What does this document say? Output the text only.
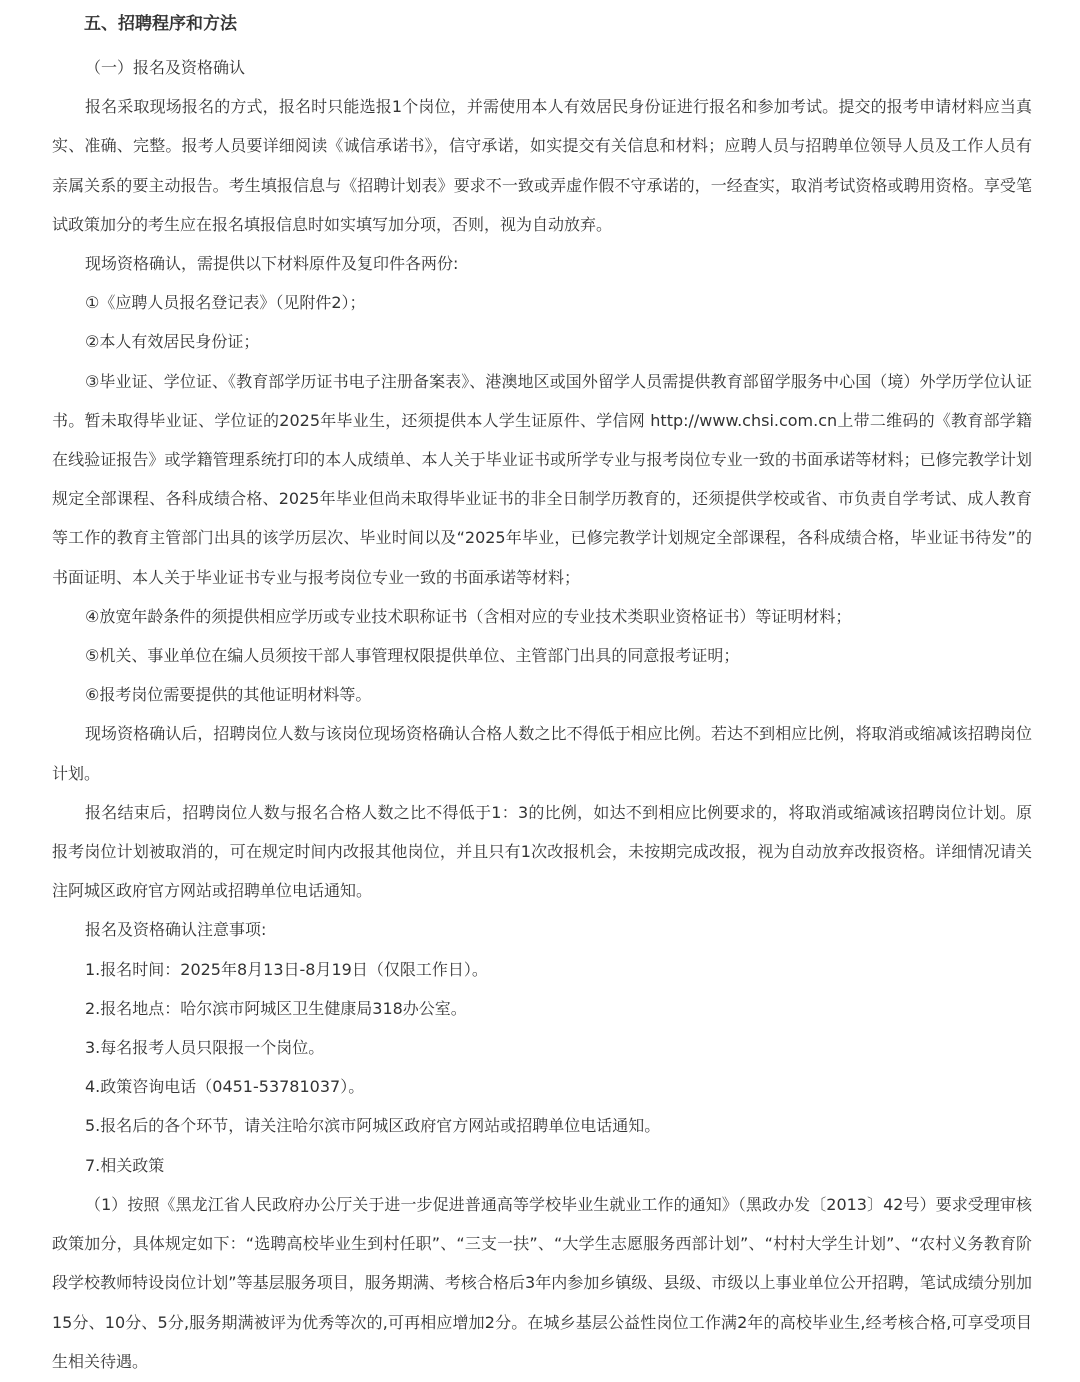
五、招聘程序和方法

（一）报名及资格确认

报名采取现场报名的方式，报名时只能选报1个岗位，并需使用本人有效居民身份证进行报名和参加考试。提交的报考申请材料应当真实、准确、完整。报考人员要详细阅读《诚信承诺书》，信守承诺，如实提交有关信息和材料；应聘人员与招聘单位领导人员及工作人员有亲属关系的要主动报告。考生填报信息与《招聘计划表》要求不一致或弄虚作假不守承诺的，一经查实，取消考试资格或聘用资格。享受笔试政策加分的考生应在报名填报信息时如实填写加分项，否则，视为自动放弃。

现场资格确认，需提供以下材料原件及复印件各两份:

①《应聘人员报名登记表》（见附件2）；

②本人有效居民身份证；

③毕业证、学位证、《教育部学历证书电子注册备案表》、港澳地区或国外留学人员需提供教育部留学服务中心国（境）外学历学位认证书。暂未取得毕业证、学位证的2025年毕业生，还须提供本人学生证原件、学信网 http://www.chsi.com.cn上带二维码的《教育部学籍在线验证报告》或学籍管理系统打印的本人成绩单、本人关于毕业证书或所学专业与报考岗位专业一致的书面承诺等材料；已修完教学计划规定全部课程、各科成绩合格、2025年毕业但尚未取得毕业证书的非全日制学历教育的，还须提供学校或省、市负责自学考试、成人教育等工作的教育主管部门出具的该学历层次、毕业时间以及“2025年毕业，已修完教学计划规定全部课程，各科成绩合格，毕业证书待发”的书面证明、本人关于毕业证书专业与报考岗位专业一致的书面承诺等材料；

④放宽年龄条件的须提供相应学历或专业技术职称证书（含相对应的专业技术类职业资格证书）等证明材料；

⑤机关、事业单位在编人员须按干部人事管理权限提供单位、主管部门出具的同意报考证明；

⑥报考岗位需要提供的其他证明材料等。

现场资格确认后，招聘岗位人数与该岗位现场资格确认合格人数之比不得低于相应比例。若达不到相应比例，将取消或缩减该招聘岗位计划。

报名结束后，招聘岗位人数与报名合格人数之比不得低于1：3的比例，如达不到相应比例要求的，将取消或缩减该招聘岗位计划。原报考岗位计划被取消的，可在规定时间内改报其他岗位，并且只有1次改报机会，未按期完成改报，视为自动放弃改报资格。详细情况请关注阿城区政府官方网站或招聘单位电话通知。

报名及资格确认注意事项:

1.报名时间：2025年8月13日-8月19日（仅限工作日）。

2.报名地点：哈尔滨市阿城区卫生健康局318办公室。

3.每名报考人员只限报一个岗位。

4.政策咨询电话（0451-53781037）。

5.报名后的各个环节，请关注哈尔滨市阿城区政府官方网站或招聘单位电话通知。

7.相关政策

（1）按照《黑龙江省人民政府办公厅关于进一步促进普通高等学校毕业生就业工作的通知》（黑政办发〔2013〕42号）要求受理审核政策加分，具体规定如下：“选聘高校毕业生到村任职”、“三支一扶”、“大学生志愿服务西部计划”、“村村大学生计划”、“农村义务教育阶段学校教师特设岗位计划”等基层服务项目，服务期满、考核合格后3年内参加乡镇级、县级、市级以上事业单位公开招聘，笔试成绩分别加15分、10分、5分,服务期满被评为优秀等次的,可再相应增加2分。在城乡基层公益性岗位工作满2年的高校毕业生,经考核合格,可享受项目生相关待遇。
